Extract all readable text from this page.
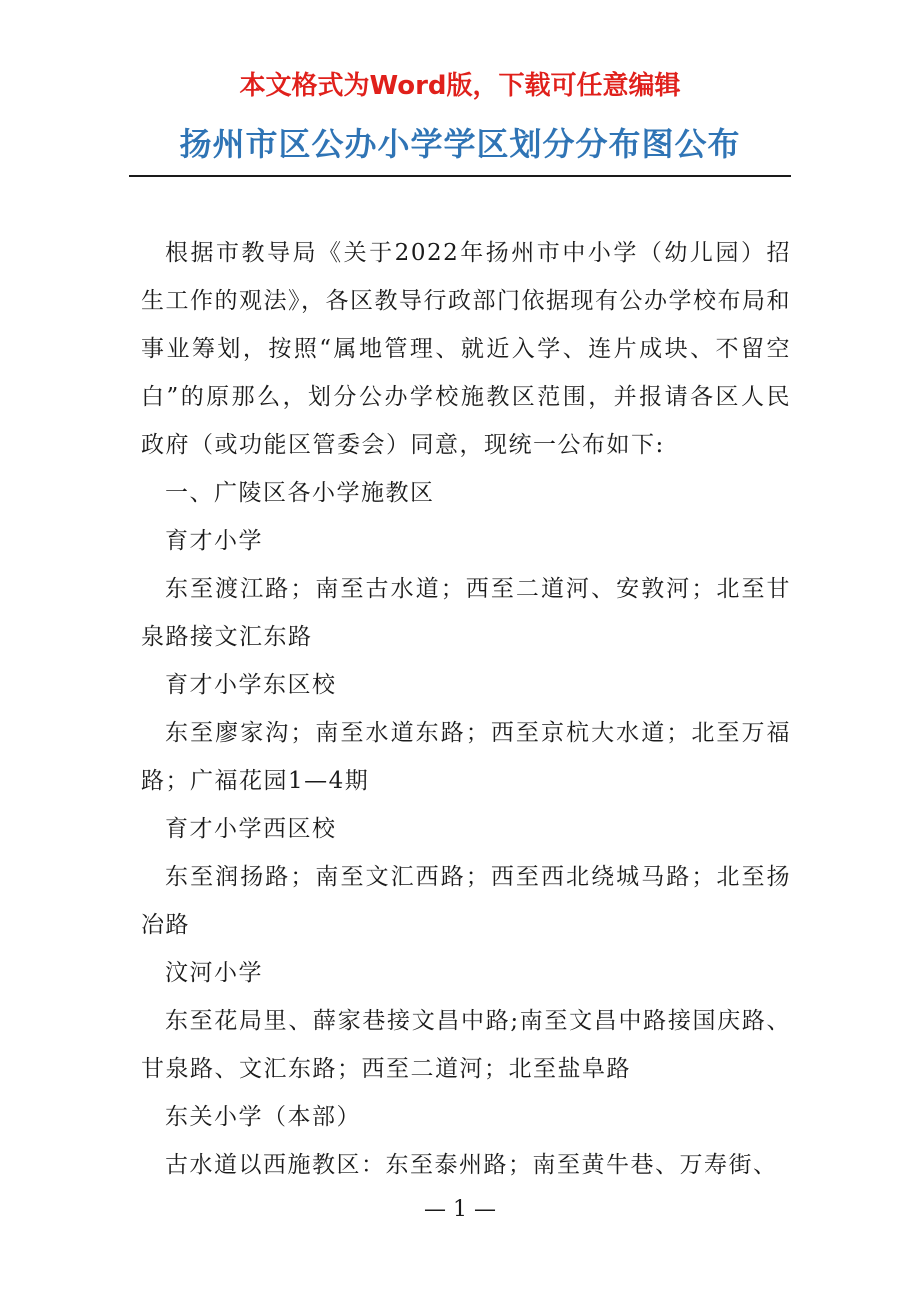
本文格式为Word版，下载可任意编辑
扬州市区公办小学学区划分分布图公布

根据市教导局《关于2022年扬州市中小学（幼儿园）招生工作的观法》，各区教导行政部门依据现有公办学校布局和事业筹划，按照“属地管理、就近入学、连片成块、不留空白”的原那么，划分公办学校施教区范围，并报请各区人民政府（或功能区管委会）同意，现统一公布如下:

一、广陵区各小学施教区

育才小学

东至渡江路；南至古水道；西至二道河、安敦河；北至甘泉路接文汇东路

育才小学东区校

东至廖家沟；南至水道东路；西至京杭大水道；北至万福路；广福花园1—4期

育才小学西区校

东至润扬路；南至文汇西路；西至西北绕城马路；北至扬冶路

汶河小学

东至花局里、薛家巷接文昌中路;南至文昌中路接国庆路、甘泉路、文汇东路；西至二道河；北至盐阜路

东关小学（本部）

古水道以西施教区：东至泰州路；南至黄牛巷、万寿街、

— 1 —
